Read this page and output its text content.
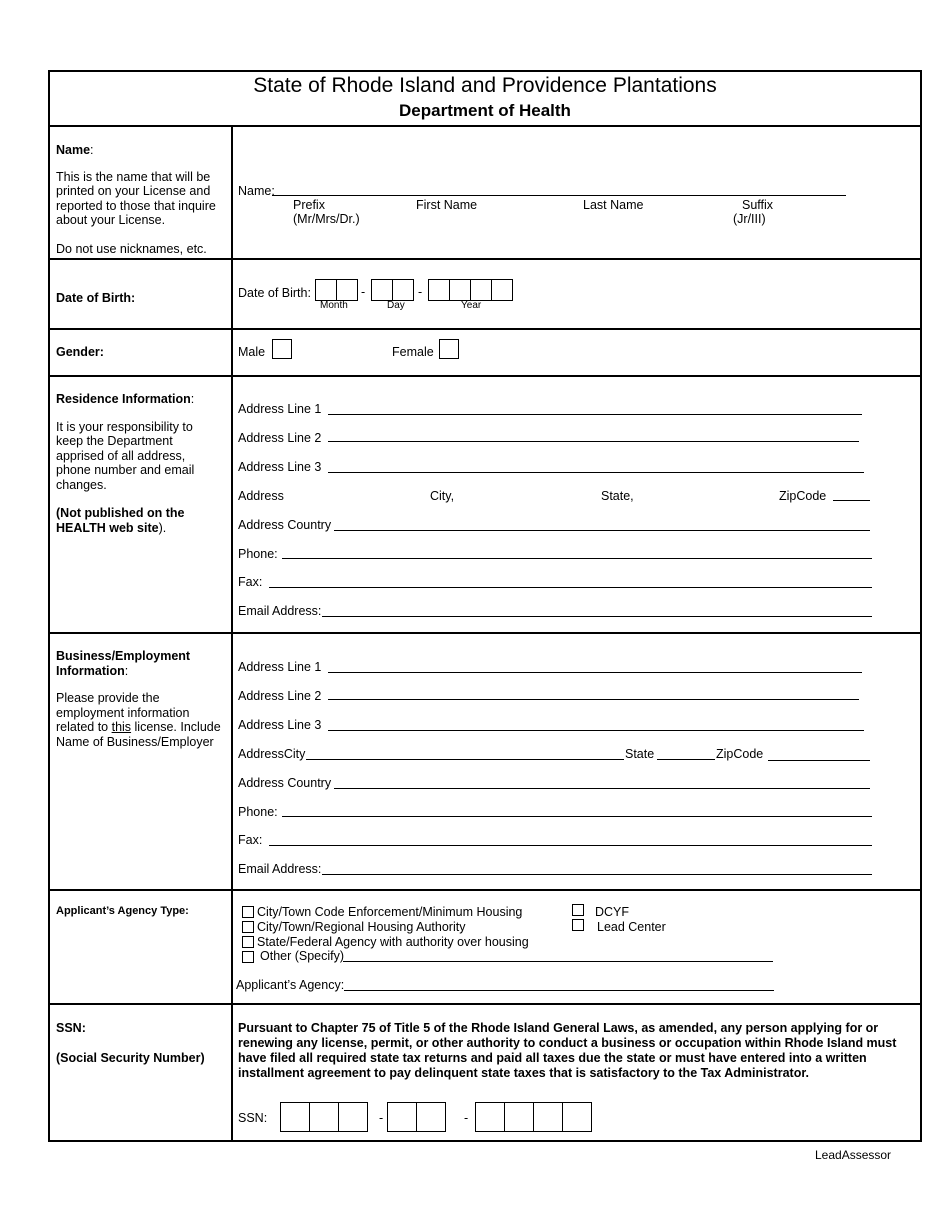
State of Rhode Island and Providence Plantations
Department of Health
Name:
This is the name that will be printed on your License and reported to those that inquire about your License.
Do not use nicknames, etc.
Name:
Prefix
(Mr/Mrs/Dr.)
First Name	Last Name	Suffix
(Jr/III)
Date of Birth:	Date of Birth:	-	-
Month	Day	Year
Gender:	Male	Female
Residence Information:
It is your responsibility to keep the Department apprised of all address, phone number and email changes.
(Not published on the HEALTH web site).
Address Line 1
Address Line 2
Address Line 3
Address	City,	State,	ZipCode
Address Country
Phone:
Fax:
Email Address:
Business/Employment Information:
Please provide the employment information related to this license. Include Name of Business/Employer
Address Line 1
Address Line 2
Address Line 3
AddressCity	State	ZipCode
Address Country
Phone:
Fax:
Email Address:
Applicant’s Agency Type:	City/Town Code Enforcement/Minimum Housing
City/Town/Regional Housing Authority
State/Federal Agency with authority over housing
Other (Specify)
DCYF
Lead Center
Applicant’s Agency:
SSN:
(Social Security Number)
Pursuant to Chapter 75 of Title 5 of the Rhode Island General Laws, as amended, any person applying for or renewing any license, permit, or other authority to conduct a business or occupation within Rhode Island must have filed all required state tax returns and paid all taxes due the state or must have entered into a written installment agreement to pay delinquent state taxes that is satisfactory to the Tax Administrator.
SSN:	-	-
LeadAssessor
